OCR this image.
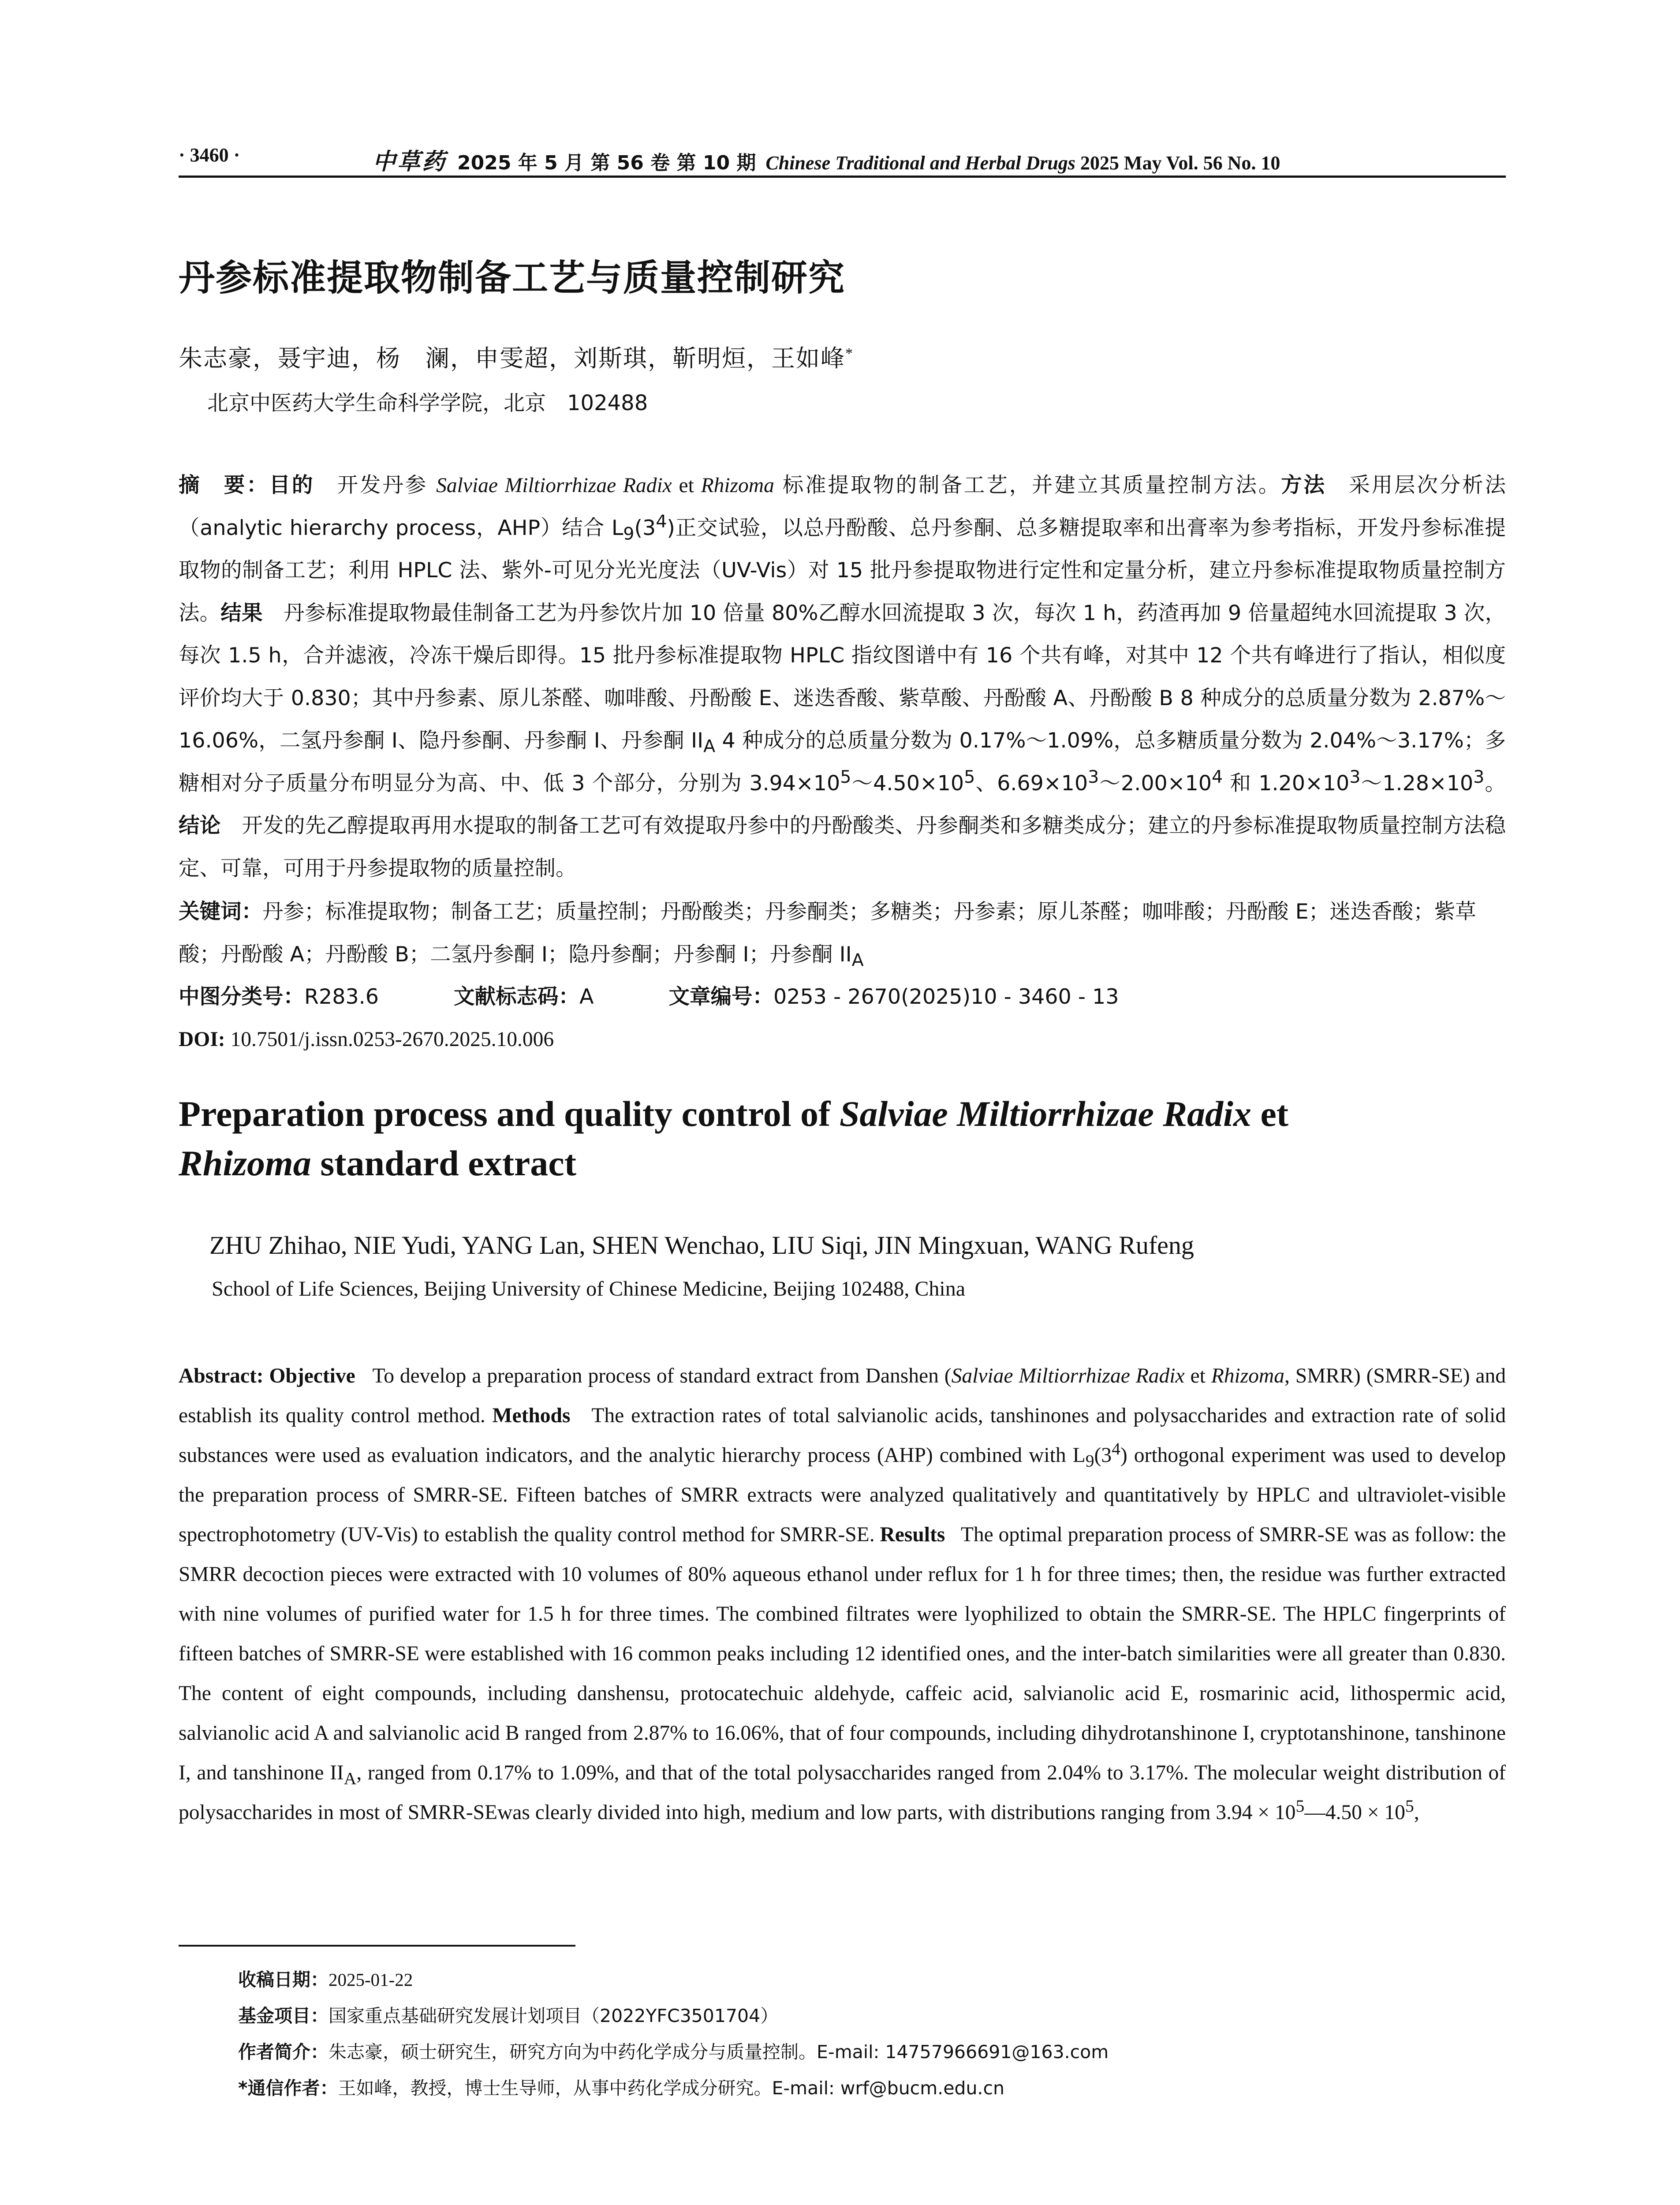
· 3460 ·	中草药 2025 年 5 月 第 56 卷 第 10 期 Chinese Traditional and Herbal Drugs 2025 May Vol. 56 No. 10
丹参标准提取物制备工艺与质量控制研究
朱志豪，聂宇迪，杨　澜，申雯超，刘斯琪，靳明烜，王如峰*
北京中医药大学生命科学学院，北京　102488
摘　要：目的　 开发丹参 Salviae Miltiorrhizae Radix et Rhizoma 标准提取物的制备工艺，并建立其质量控制方法。方法　 采用层次分析法（analytic hierarchy process，AHP）结合 $L_9(3^4)$正交试验，以总丹酚酸、总丹参酮、总多糖提取率和出膏率为参考指标，开发丹参标准提取物的制备工艺；利用 HPLC 法、紫外-可见分光光度法（UV-Vis）对 15 批丹参提取物进行定性和定量分析，建立丹参标准提取物质量控制方法。结果　 丹参标准提取物最佳制备工艺为丹参饮片加 10 倍量 80%乙醇水回流提取 3 次，每次 1 h，药渣再加 9 倍量超纯水回流提取 3 次，每次 1.5 h，合并滤液，冷冻干燥后即得。15 批丹参标准提取物 HPLC 指纹图谱中有 16 个共有峰，对其中 12 个共有峰进行了指认，相似度评价均大于 0.830；其中丹参素、原儿茶醛、咖啡酸、丹酚酸 E、迷迭香酸、紫草酸、丹酚酸 A、丹酚酸 B 8 种成分的总质量分数为 2.87%～16.06%，二氢丹参酮 I、隐丹参酮、丹参酮 I、丹参酮 $II_A$ 4 种成分的总质量分数为 0.17%～1.09%，总多糖质量分数为 2.04%～3.17%；多糖相对分子质量分布明显分为高、中、低 3 个部分，分别为 $3.94\times 10^5\sim 4.50\times 10^5$、$6.69\times 10^3\sim 2.00\times 10^4$ 和 $1.20\times 10^3\sim 1.28\times 10^3$。结论　 开发的先乙醇提取再用水提取的制备工艺可有效提取丹参中的丹酚酸类、丹参酮类和多糖类成分；建立的丹参标准提取物质量控制方法稳定、可靠，可用于丹参提取物的质量控制。
关键词：丹参；标准提取物；制备工艺；质量控制；丹酚酸类；丹参酮类；多糖类；丹参素；原儿茶醛；咖啡酸；丹酚酸 E；迷迭香酸；紫草酸；丹酚酸 A；丹酚酸 B；二氢丹参酮 I；隐丹参酮；丹参酮 I；丹参酮 $II_A$
中图分类号：R283.6	文献标志码：A	文章编号：0253 - 2670(2025)10 - 3460 - 13
DOI: 10.7501/j.issn.0253-2670.2025.10.006
Preparation process and quality control of Salviae Miltiorrhizae Radix et
Rhizoma standard extract
ZHU Zhihao, NIE Yudi, YANG Lan, SHEN Wenchao, LIU Siqi, JIN Mingxuan, WANG Rufeng
School of Life Sciences, Beijing University of Chinese Medicine, Beijing 102488, China
Abstract: Objective To develop a preparation process of standard extract from Danshen (Salviae Miltiorrhizae Radix et Rhizoma, SMRR) (SMRR-SE) and establish its quality control method. Methods The extraction rates of total salvianolic acids, tanshinones and polysaccharides and extraction rate of solid substances were used as evaluation indicators, and the analytic hierarchy process (AHP) combined with $L_9(3^4)$ orthogonal experiment was used to develop the preparation process of SMRR-SE. Fifteen batches of SMRR extracts were analyzed qualitatively and quantitatively by HPLC and ultraviolet-visible spectrophotometry (UV-Vis) to establish the quality control method for SMRR-SE. Results The optimal preparation process of SMRR-SE was as follow: the SMRR decoction pieces were extracted with 10 volumes of 80% aqueous ethanol under reflux for 1 h for three times; then, the residue was further extracted with nine volumes of purified water for 1.5 h for three times. The combined filtrates were lyophilized to obtain the SMRR-SE. The HPLC fingerprints of fifteen batches of SMRR-SE were established with 16 common peaks including 12 identified ones, and the inter-batch similarities were all greater than 0.830. The content of eight compounds, including danshensu, protocatechuic aldehyde, caffeic acid, salvianolic acid E, rosmarinic acid, lithospermic acid, salvianolic acid A and salvianolic acid B ranged from 2.87% to 16.06%, that of four compounds, including dihydrotanshinone I, cryptotanshinone, tanshinone I, and tanshinone $II_A$, ranged from 0.17% to 1.09%, and that of the total polysaccharides ranged from 2.04% to 3.17%. The molecular weight distribution of polysaccharides in most of SMRR-SEwas clearly divided into high, medium and low parts, with distributions ranging from $3.94 \times 10^5—4.50 \times 10^5$,
收稿日期：2025-01-22
基金项目：国家重点基础研究发展计划项目（2022YFC3501704）
作者简介：朱志豪，硕士研究生，研究方向为中药化学成分与质量控制。E-mail: 14757966691@163.com
*通信作者：王如峰，教授，博士生导师，从事中药化学成分研究。E-mail: wrf@bucm.edu.cn
